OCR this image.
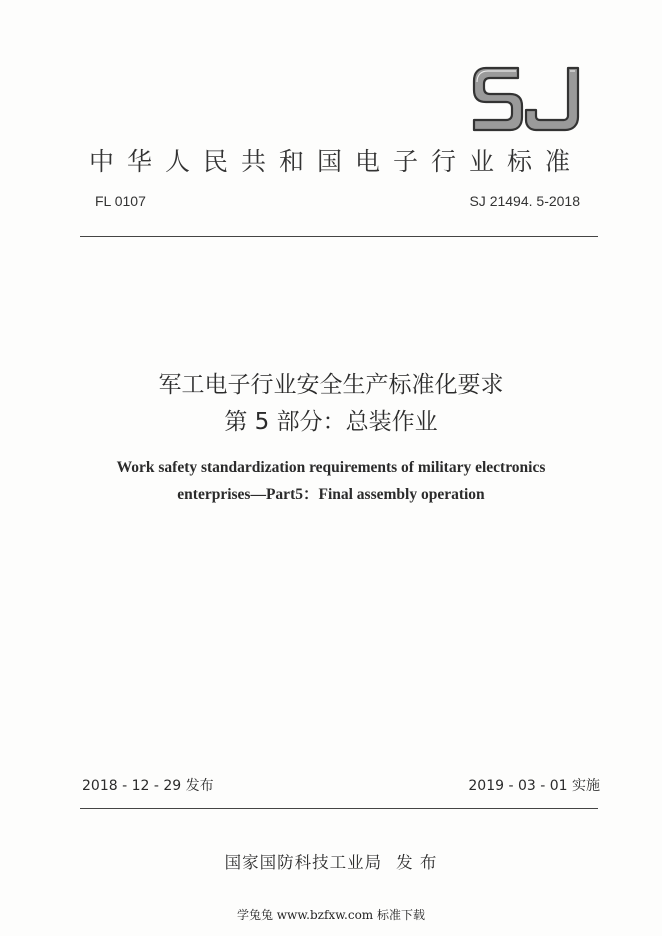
中华人民共和国电子行业标准
FL 0107	SJ 21494. 5-2018
军工电子行业安全生产标准化要求
第 5 部分：总装作业
Work safety standardization requirements of military electronics
enterprises—Part5：Final assembly operation
2018 - 12 - 29 发布	2019 - 03 - 01 实施
国家国防科技工业局 发 布
学兔兔 www.bzfxw.com 标准下载
